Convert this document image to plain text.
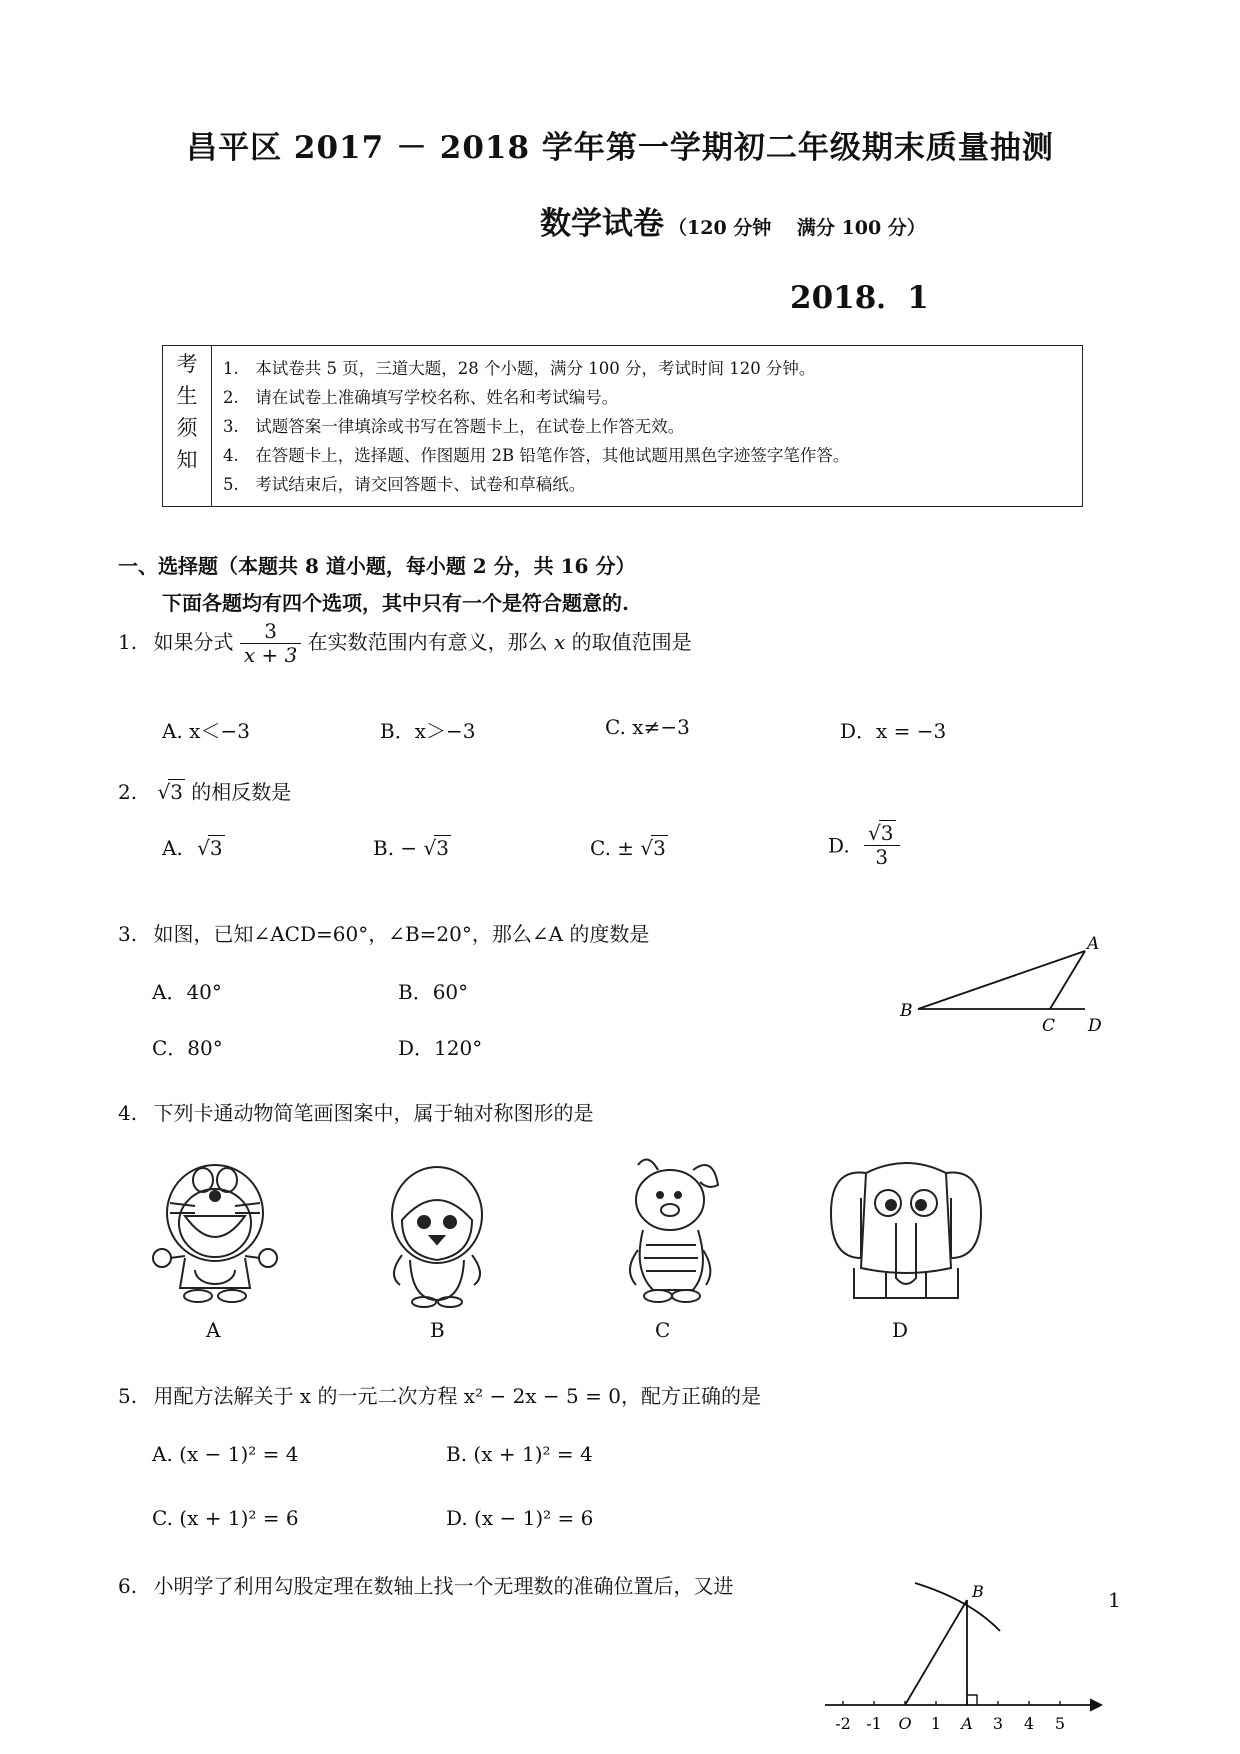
昌平区 2017 － 2018 学年第一学期初二年级期末质量抽测
数学试卷 （120 分钟　 满分 100 分）
2018．1
考
生
须
知
1.　本试卷共 5 页，三道大题，28 个小题，满分 100 分，考试时间 120 分钟。
2.　请在试卷上准确填写学校名称、姓名和考试编号。
3.　试题答案一律填涂或书写在答题卡上，在试卷上作答无效。
4.　在答题卡上，选择题、作图题用 2B 铅笔作答，其他试题用黑色字迹签字笔作答。
5.　考试结束后，请交回答题卡、试卷和草稿纸。
一、选择题（本题共 8 道小题，每小题 2 分，共 16 分）
下面各题均有四个选项，其中只有一个是符合题意的.
1. 如果分式 $\frac{3}{x + 3}$ 在实数范围内有意义，那么 x 的取值范围是
A. x＜−3	B．x＞−3	C. x≠−3	D．x = −3
2. √3 的相反数是
A. √3	B. − √3	C. ± √3	D. $\frac{√3}{3}$
3. 如图，已知∠ACD=60°，∠B=20°，那么∠A 的度数是
A．40°	B．60°
C．80°	D．120°
A
B
C D
4. 下列卡通动物简笔画图案中，属于轴对称图形的是
A	B	C	D
5. 用配方法解关于 x 的一元二次方程 x² − 2x − 5 = 0，配方正确的是
A. (x − 1)² = 4	B. (x + 1)² = 4
C. (x + 1)² = 6	D. (x − 1)² = 6
6. 小明学了利用勾股定理在数轴上找一个无理数的准确位置后，又进
-2 -1 O 1 A 3 4 5
B	1
